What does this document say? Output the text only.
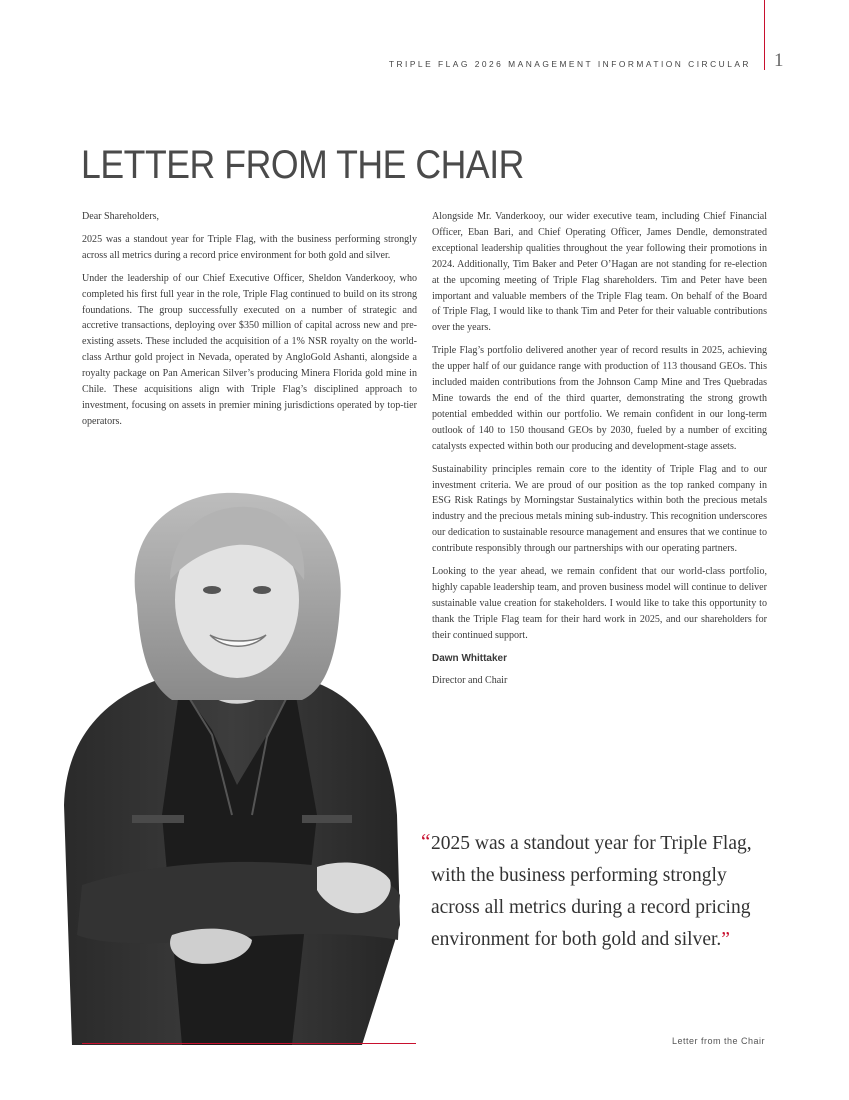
TRIPLE FLAG 2026 MANAGEMENT INFORMATION CIRCULAR 1
LETTER FROM THE CHAIR

Dear Shareholders,

2025 was a standout year for Triple Flag, with the business performing strongly across all metrics during a record price environment for both gold and silver.

Under the leadership of our Chief Executive Officer, Sheldon Vanderkooy, who completed his first full year in the role, Triple Flag continued to build on its strong foundations. The group successfully executed on a number of strategic and accretive transactions, deploying over $350 million of capital across new and pre-existing assets. These included the acquisition of a 1% NSR royalty on the world-class Arthur gold project in Nevada, operated by AngloGold Ashanti, alongside a royalty package on Pan American Silver’s producing Minera Florida gold mine in Chile. These acquisitions align with Triple Flag’s disciplined approach to investment, focusing on assets in premier mining jurisdictions operated by top-tier operators.

Alongside Mr. Vanderkooy, our wider executive team, including Chief Financial Officer, Eban Bari, and Chief Operating Officer, James Dendle, demonstrated exceptional leadership qualities throughout the year following their promotions in 2024. Additionally, Tim Baker and Peter O’Hagan are not standing for re-election at the upcoming meeting of Triple Flag shareholders. Tim and Peter have been important and valuable members of the Triple Flag team. On behalf of the Board of Triple Flag, I would like to thank Tim and Peter for their valuable contributions over the years.

Triple Flag’s portfolio delivered another year of record results in 2025, achieving the upper half of our guidance range with production of 113 thousand GEOs. This included maiden contributions from the Johnson Camp Mine and Tres Quebradas Mine towards the end of the third quarter, demonstrating the strong growth potential embedded within our portfolio. We remain confident in our long-term outlook of 140 to 150 thousand GEOs by 2030, fueled by a number of exciting catalysts expected within both our producing and development-stage assets.

Sustainability principles remain core to the identity of Triple Flag and to our investment criteria. We are proud of our position as the top ranked company in ESG Risk Ratings by Morningstar Sustainalytics within both the precious metals industry and the precious metals mining sub-industry. This recognition underscores our dedication to sustainable resource management and ensures that we continue to contribute responsibly through our partnerships with our operating partners.

Looking to the year ahead, we remain confident that our world-class portfolio, highly capable leadership team, and proven business model will continue to deliver sustainable value creation for stakeholders. I would like to take this opportunity to thank the Triple Flag team for their hard work in 2025, and our shareholders for their continued support.

Dawn Whittaker

Director and Chair

“ 2025 was a standout year for Triple Flag, with the business performing strongly across all metrics during a record pricing environment for both gold and silver.”
Letter from the Chair
